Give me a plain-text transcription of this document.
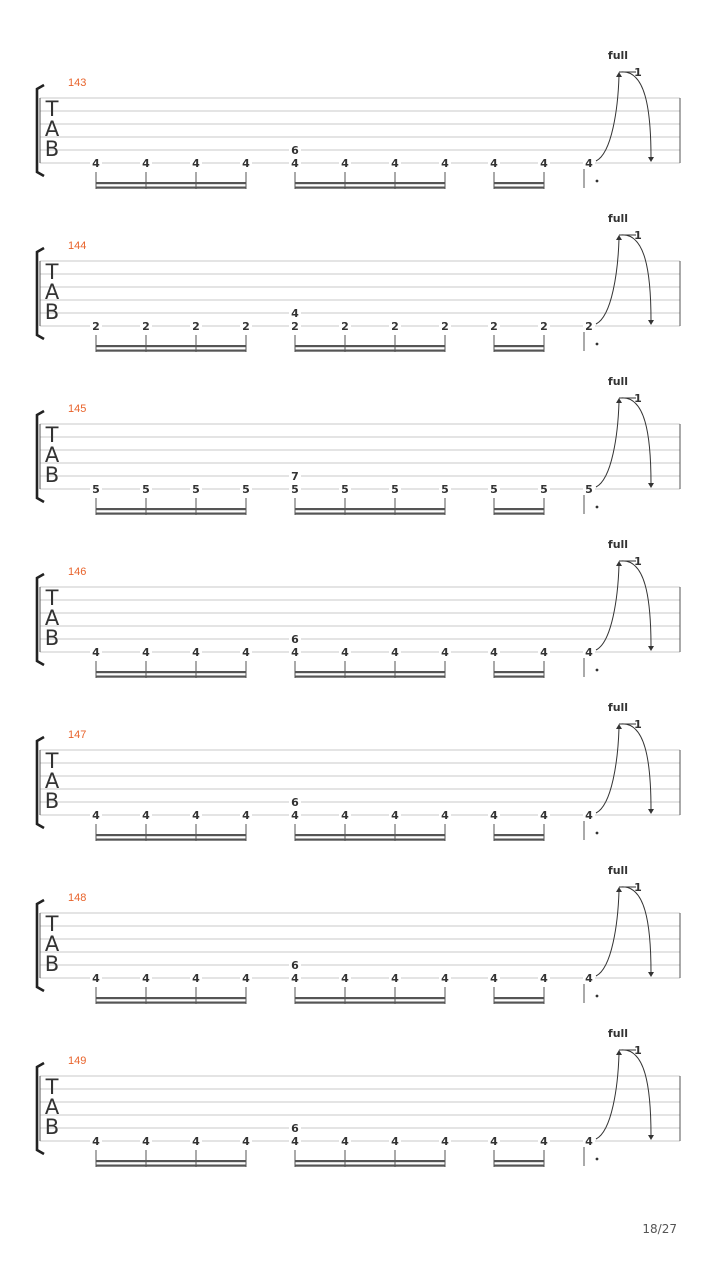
T
A
B
143
4	4	4	4	4	4	4	4	4	4	4
6
full
1
T
A
B
144
2	2	2	2	2	2	2	2	2	2	2
4
full
1
T
A
B
145
5	5	5	5	5	5	5	5	5	5	5
7
full
1
T
A
B
146
4	4	4	4	4	4	4	4	4	4	4
6
full
1
T
A
B
147
4	4	4	4	4	4	4	4	4	4	4
6
full
1
T
A
B
148
4	4	4	4	4	4	4	4	4	4	4
6
full
1
T
A
B
149
4	4	4	4	4	4	4	4	4	4	4
6
full
1
18/27
